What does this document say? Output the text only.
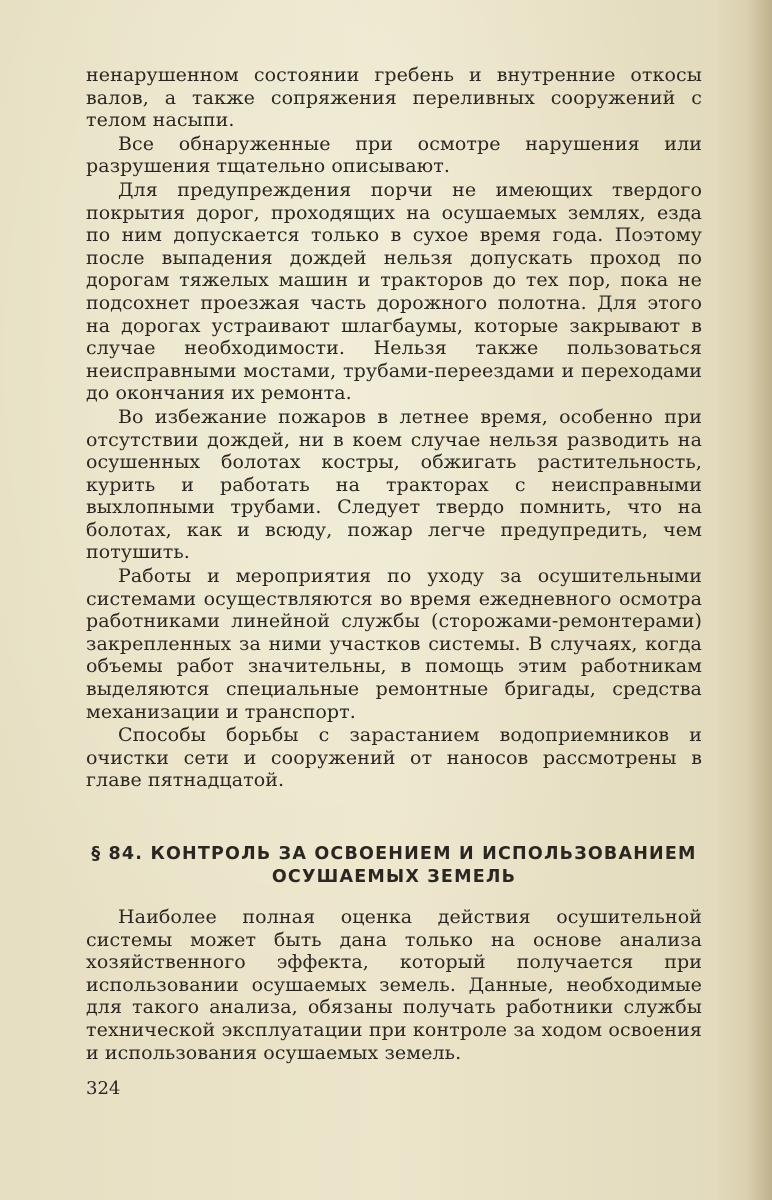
ненарушенном состоянии гребень и внутренние откосы валов, а также сопряжения переливных сооружений с телом насыпи.

Все обнаруженные при осмотре нарушения или разрушения тщательно описывают.

Для предупреждения порчи не имеющих твердого покрытия дорог, проходящих на осушаемых землях, езда по ним допускается только в сухое время года. Поэтому после выпадения дождей нельзя допускать проход по дорогам тяжелых машин и тракторов до тех пор, пока не подсохнет проезжая часть дорожного полотна. Для этого на дорогах устраивают шлагбаумы, которые закрывают в случае необходимости. Нельзя также пользоваться неисправными мостами, трубами-переездами и переходами до окончания их ремонта.

Во избежание пожаров в летнее время, особенно при отсутствии дождей, ни в коем случае нельзя разводить на осушенных болотах костры, обжигать растительность, курить и работать на тракторах с неисправными выхлопными трубами. Следует твердо помнить, что на болотах, как и всюду, пожар легче предупредить, чем потушить.

Работы и мероприятия по уходу за осушительными системами осуществляются во время ежедневного осмотра работниками линейной службы (сторожами-ремонтерами) закрепленных за ними участков системы. В случаях, когда объемы работ значительны, в помощь этим работникам выделяются специальные ремонтные бригады, средства механизации и транспорт.

Способы борьбы с зарастанием водоприемников и очистки сети и сооружений от наносов рассмотрены в главе пятнадцатой.

§ 84. КОНТРОЛЬ ЗА ОСВОЕНИЕМ И ИСПОЛЬЗОВАНИЕМ
ОСУШАЕМЫХ ЗЕМЕЛЬ

Наиболее полная оценка действия осушительной системы может быть дана только на основе анализа хозяйственного эффекта, который получается при использовании осушаемых земель. Данные, необходимые для такого анализа, обязаны получать работники службы технической эксплуатации при контроле за ходом освоения и использования осушаемых земель.

324
